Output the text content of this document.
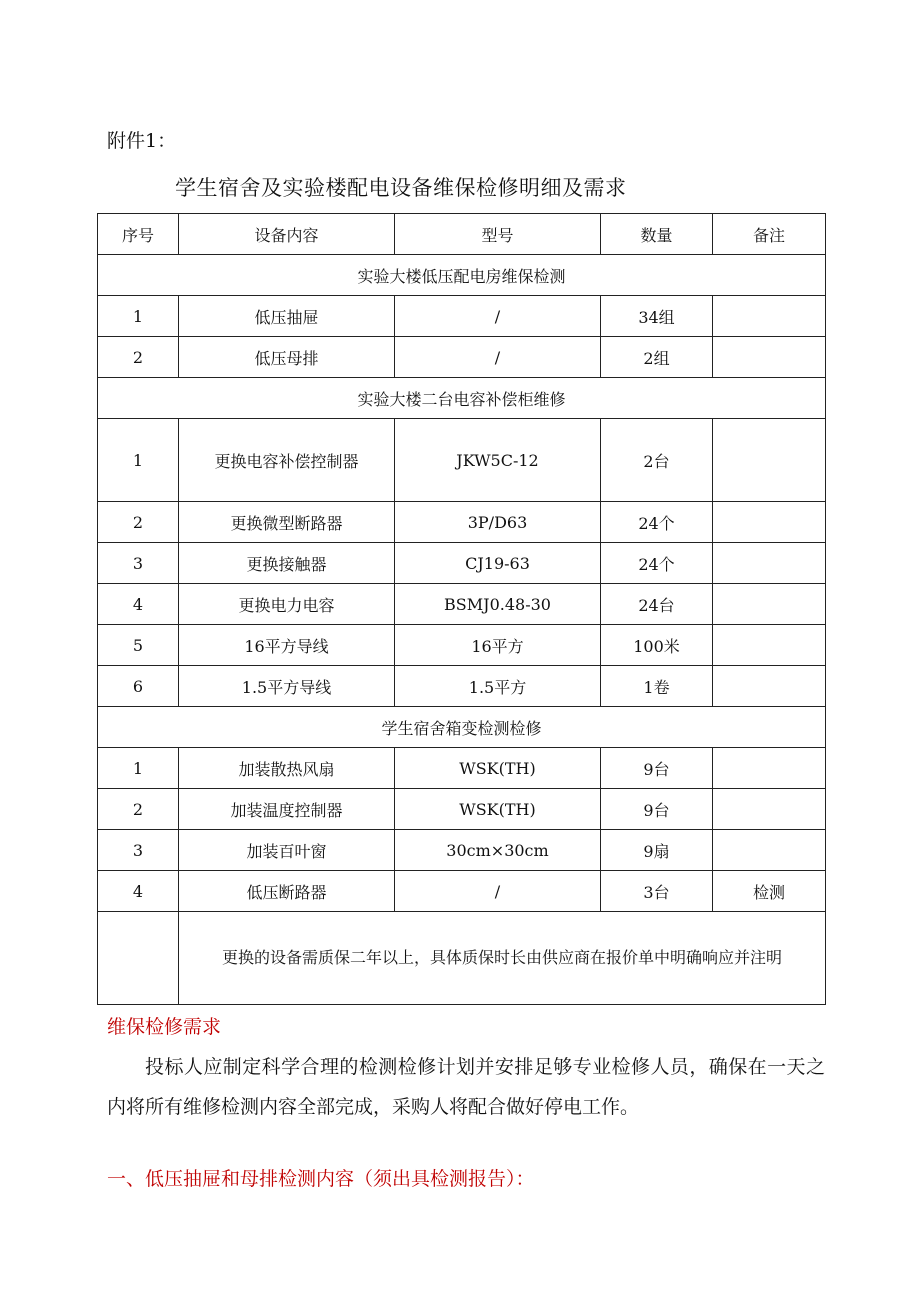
附件1：
学生宿舍及实验楼配电设备维保检修明细及需求
序号	设备内容	型号	数量	备注
实验大楼低压配电房维保检测				
1	低压抽屉	/	34组	
2	低压母排	/	2组	
实验大楼二台电容补偿柜维修				
1	更换电容补偿控制器	JKW5C-12	2台	
2	更换微型断路器	3P/D63	24个	
3	更换接触器	CJ19-63	24个	
4	更换电力电容	BSMJ0.48-30	24台	
5	16平方导线	16平方	100米	
6	1.5平方导线	1.5平方	1卷	
学生宿舍箱变检测检修				
1	加装散热风扇	WSK(TH)	9台	
2	加装温度控制器	WSK(TH)	9台	
3	加装百叶窗	30cm×30cm	9扇	
4	低压断路器	/	3台	检测
	更换的设备需质保二年以上，具体质保时长由供应商在报价单中明确响应并注明			
维保检修需求
投标人应制定科学合理的检测检修计划并安排足够专业检修人员，确保在一天之内将所有维修检测内容全部完成，采购人将配合做好停电工作。
一、低压抽屉和母排检测内容（须出具检测报告）：
